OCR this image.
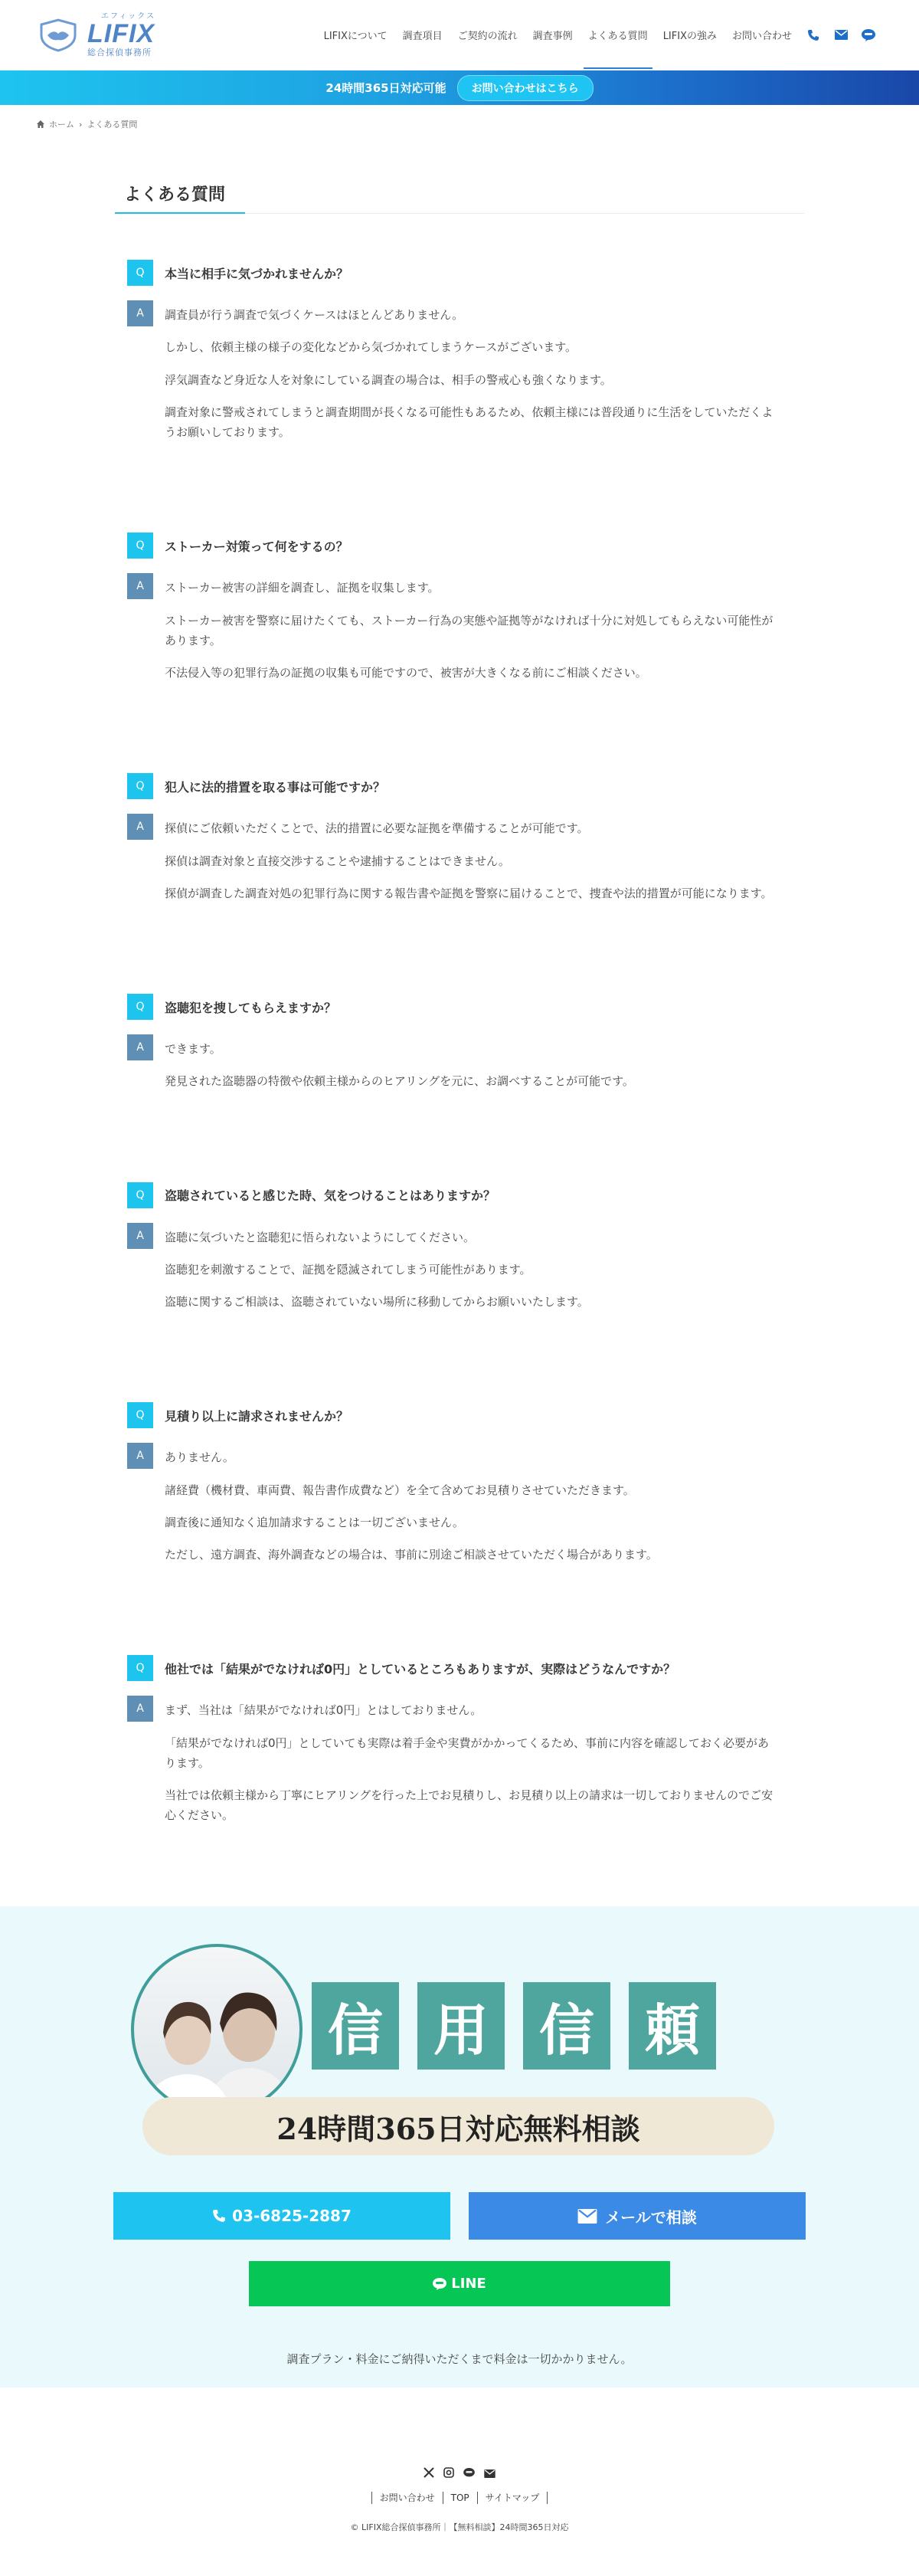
エフィックス
LIFIX
総合探偵事務所
LIFIXについて	調査項目	ご契約の流れ	調査事例	よくある質問	LIFIXの強み	お問い合わせ
24時間365日対応可能	お問い合わせはこちら
ホーム › よくある質問
よくある質問
Q	本当に相手に気づかれませんか？
A	調査員が行う調査で気づくケースはほとんどありません。

しかし、依頼主様の様子の変化などから気づかれてしまうケースがございます。

浮気調査など身近な人を対象にしている調査の場合は、相手の警戒心も強くなります。

調査対象に警戒されてしまうと調査期間が長くなる可能性もあるため、依頼主様には普段通りに生活をしていただくようお願いしております。

Q	ストーカー対策って何をするの？
A	ストーカー被害の詳細を調査し、証拠を収集します。

ストーカー被害を警察に届けたくても、ストーカー行為の実態や証拠等がなければ十分に対処してもらえない可能性があります。

不法侵入等の犯罪行為の証拠の収集も可能ですので、被害が大きくなる前にご相談ください。

Q	犯人に法的措置を取る事は可能ですか？
A	探偵にご依頼いただくことで、法的措置に必要な証拠を準備することが可能です。

探偵は調査対象と直接交渉することや逮捕することはできません。

探偵が調査した調査対処の犯罪行為に関する報告書や証拠を警察に届けることで、捜査や法的措置が可能になります。

Q	盗聴犯を捜してもらえますか？
A	できます。

発見された盗聴器の特徴や依頼主様からのヒアリングを元に、お調べすることが可能です。

Q	盗聴されていると感じた時、気をつけることはありますか？
A	盗聴に気づいたと盗聴犯に悟られないようにしてください。

盗聴犯を刺激することで、証拠を隠滅されてしまう可能性があります。

盗聴に関するご相談は、盗聴されていない場所に移動してからお願いいたします。

Q	見積り以上に請求されませんか？
A	ありません。

諸経費（機材費、車両費、報告書作成費など）を全て含めてお見積りさせていただきます。

調査後に通知なく追加請求することは一切ございません。

ただし、遠方調査、海外調査などの場合は、事前に別途ご相談させていただく場合があります。

Q	他社では「結果がでなければ0円」としているところもありますが、実際はどうなんですか？
A	まず、当社は「結果がでなければ0円」とはしておりません。

「結果がでなければ0円」としていても実際は着手金や実費がかかってくるため、事前に内容を確認しておく必要があります。

当社では依頼主様から丁寧にヒアリングを行った上でお見積りし、お見積り以上の請求は一切しておりませんのでご安心ください。

信 用 信 頼
24時間365日対応無料相談
03-6825-2887	メールで相談
LINE

調査プラン・料金にご納得いただくまで料金は一切かかりません。

お問い合わせ	TOP	サイトマップ

© LIFIX総合探偵事務所｜【無料相談】24時間365日対応
